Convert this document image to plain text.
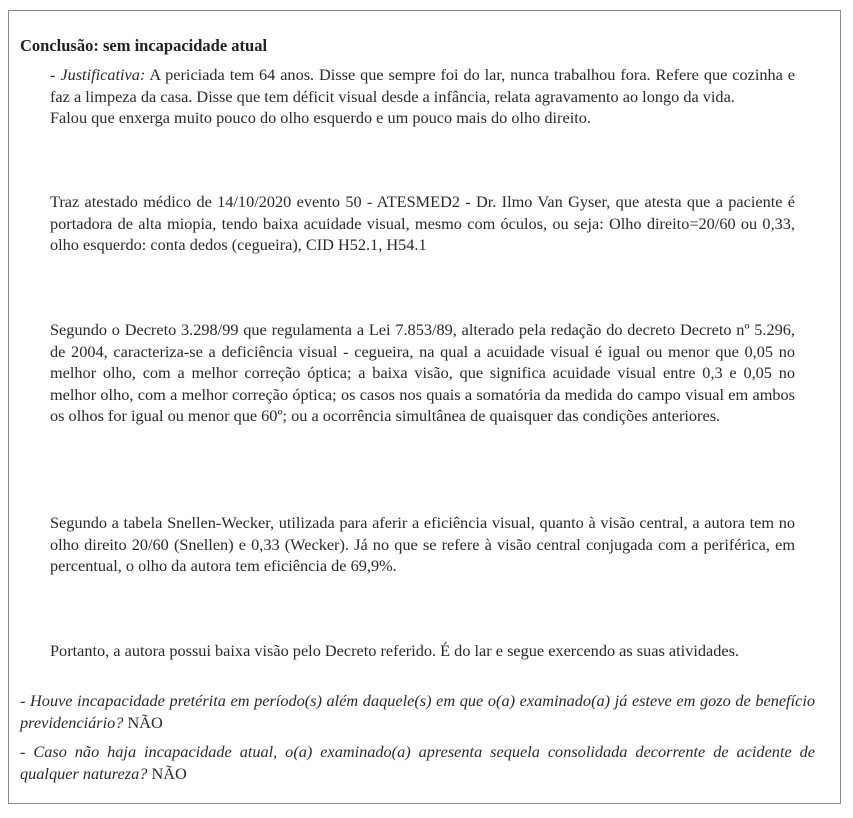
Conclusão: sem incapacidade atual

- Justificativa: A periciada tem 64 anos. Disse que sempre foi do lar, nunca trabalhou fora. Refere que cozinha e faz a limpeza da casa. Disse que tem déficit visual desde a infância, relata agravamento ao longo da vida.
Falou que enxerga muito pouco do olho esquerdo e um pouco mais do olho direito.

Traz atestado médico de 14/10/2020 evento 50 - ATESMED2 - Dr. Ilmo Van Gyser, que atesta que a paciente é portadora de alta miopia, tendo baixa acuidade visual, mesmo com óculos, ou seja: Olho direito=20/60 ou 0,33, olho esquerdo: conta dedos (cegueira), CID H52.1, H54.1

Segundo o Decreto 3.298/99 que regulamenta a Lei 7.853/89, alterado pela redação do decreto Decreto nº 5.296, de 2004, caracteriza-se a deficiência visual - cegueira, na qual a acuidade visual é igual ou menor que 0,05 no melhor olho, com a melhor correção óptica; a baixa visão, que significa acuidade visual entre 0,3 e 0,05 no melhor olho, com a melhor correção óptica; os casos nos quais a somatória da medida do campo visual em ambos os olhos for igual ou menor que 60º; ou a ocorrência simultânea de quaisquer das condições anteriores.

Segundo a tabela Snellen-Wecker, utilizada para aferir a eficiência visual, quanto à visão central, a autora tem no olho direito 20/60 (Snellen) e 0,33 (Wecker). Já no que se refere à visão central conjugada com a periférica, em percentual, o olho da autora tem eficiência de 69,9%.

Portanto, a autora possui baixa visão pelo Decreto referido. É do lar e segue exercendo as suas atividades.

- Houve incapacidade pretérita em período(s) além daquele(s) em que o(a) examinado(a) já esteve em gozo de benefício previdenciário? NÃO

- Caso não haja incapacidade atual, o(a) examinado(a) apresenta sequela consolidada decorrente de acidente de qualquer natureza? NÃO
